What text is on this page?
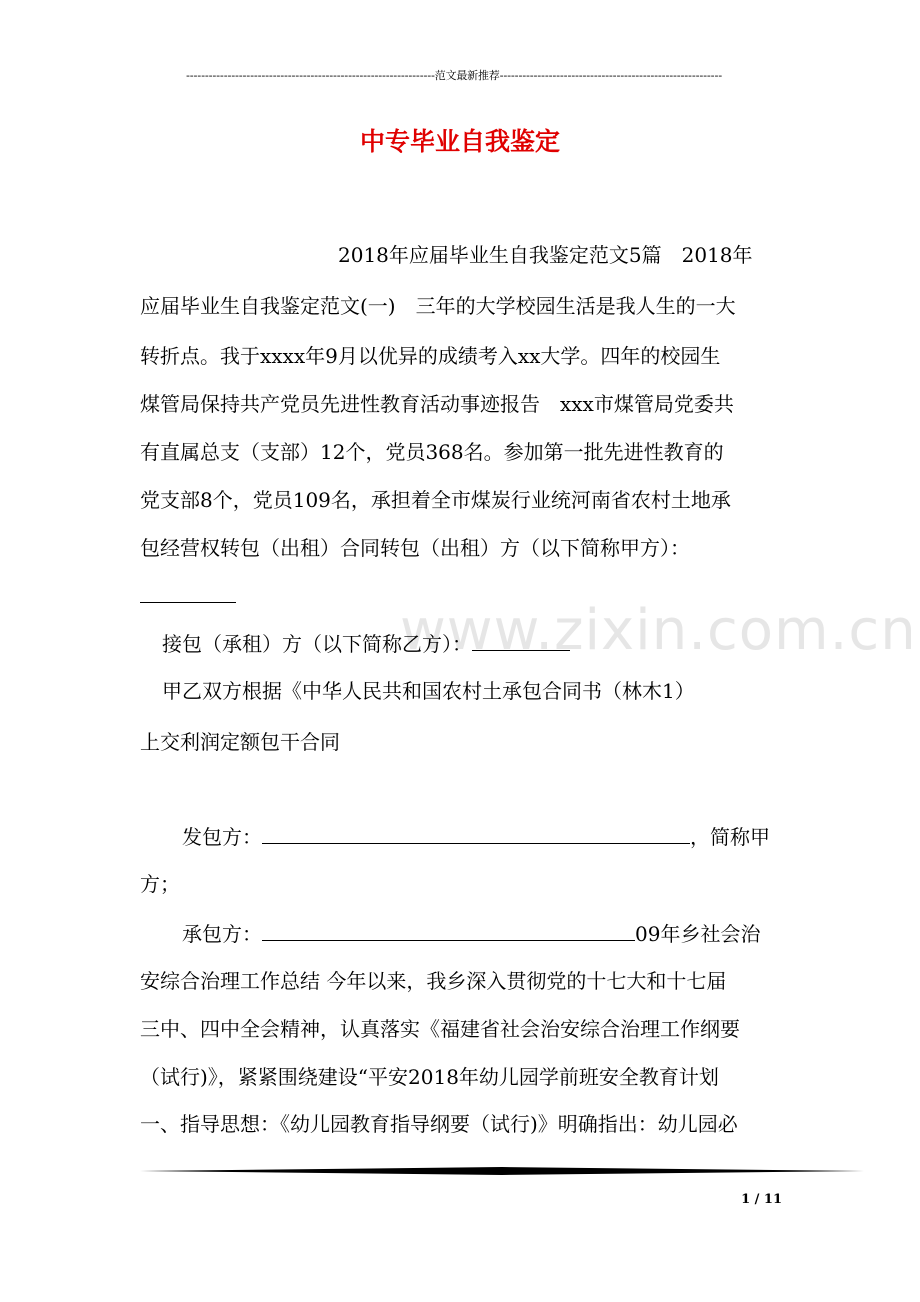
------------------------------------------------------------------范文最新推荐-----------------------------------------------------------
中专毕业自我鉴定
www.zixin.com.cn
2018年应届毕业生自我鉴定范文5篇　2018年
应届毕业生自我鉴定范文(一)　三年的大学校园生活是我人生的一大
转折点。我于xxxx年9月以优异的成绩考入xx大学。四年的校园生
煤管局保持共产党员先进性教育活动事迹报告　xxx市煤管局党委共
有直属总支（支部）12个，党员368名。参加第一批先进性教育的
党支部8个，党员109名，承担着全市煤炭行业统河南省农村土地承
包经营权转包（出租）合同转包（出租）方（以下简称甲方）：
接包（承租）方（以下简称乙方）：
甲乙双方根据《中华人民共和国农村土承包合同书（林木1）
上交利润定额包干合同
发包方：	，简称甲
方；
承包方：	09年乡社会治
安综合治理工作总结 今年以来，我乡深入贯彻党的十七大和十七届
三中、四中全会精神，认真落实《福建省社会治安综合治理工作纲要
（试行)》，紧紧围绕建设“平安2018年幼儿园学前班安全教育计划
一、指导思想：《幼儿园教育指导纲要（试行)》明确指出：幼儿园必
1 / 11
